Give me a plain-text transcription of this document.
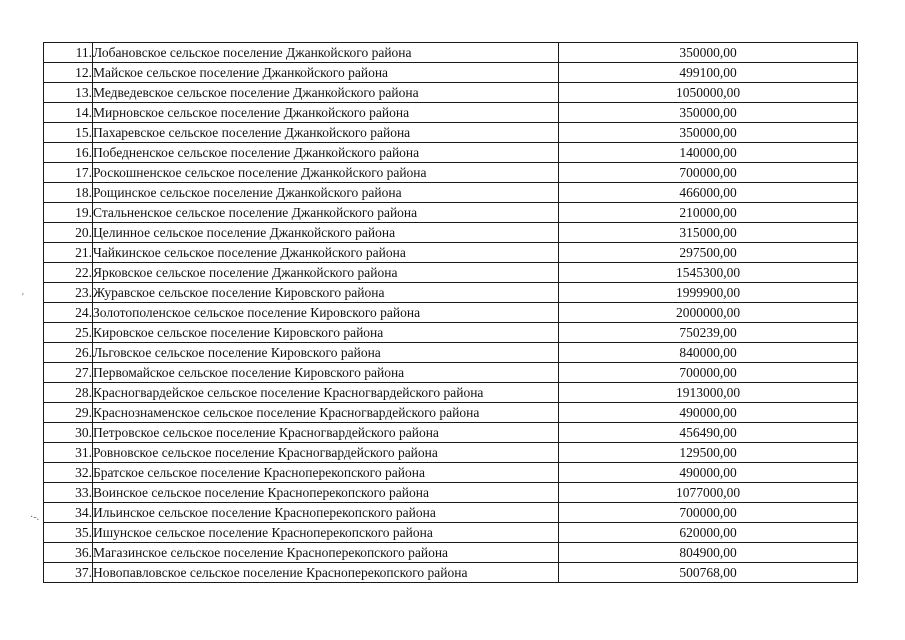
'
·-.
11.	Лобановское сельское поселение Джанкойского района	350000,00
12.	Майское сельское поселение Джанкойского района	499100,00
13.	Медведевское сельское поселение Джанкойского района	1050000,00
14.	Мирновское сельское поселение Джанкойского района	350000,00
15.	Пахаревское сельское поселение Джанкойского района	350000,00
16.	Победненское сельское поселение Джанкойского района	140000,00
17.	Роскошненское сельское поселение Джанкойского района	700000,00
18.	Рощинское сельское поселение Джанкойского района	466000,00
19.	Стальненское сельское поселение Джанкойского района	210000,00
20.	Целинное сельское поселение Джанкойского района	315000,00
21.	Чайкинское сельское поселение Джанкойского района	297500,00
22.	Ярковское сельское поселение Джанкойского района	1545300,00
23.	Журавское сельское поселение Кировского района	1999900,00
24.	Золотополенское сельское поселение Кировского района	2000000,00
25.	Кировское сельское поселение Кировского района	750239,00
26.	Льговское сельское поселение Кировского района	840000,00
27.	Первомайское сельское поселение Кировского района	700000,00
28.	Красногвардейское сельское поселение Красногвардейского района	1913000,00
29.	Краснознаменское сельское поселение Красногвардейского района	490000,00
30.	Петровское сельское поселение Красногвардейского района	456490,00
31.	Ровновское сельское поселение Красногвардейского района	129500,00
32.	Братское сельское поселение Красноперекопского района	490000,00
33.	Воинское сельское поселение Красноперекопского района	1077000,00
34.	Ильинское сельское поселение Красноперекопского района	700000,00
35.	Ишунское сельское поселение Красноперекопского района	620000,00
36.	Магазинское сельское поселение Красноперекопского района	804900,00
37.	Новопавловское сельское поселение Красноперекопского района	500768,00
